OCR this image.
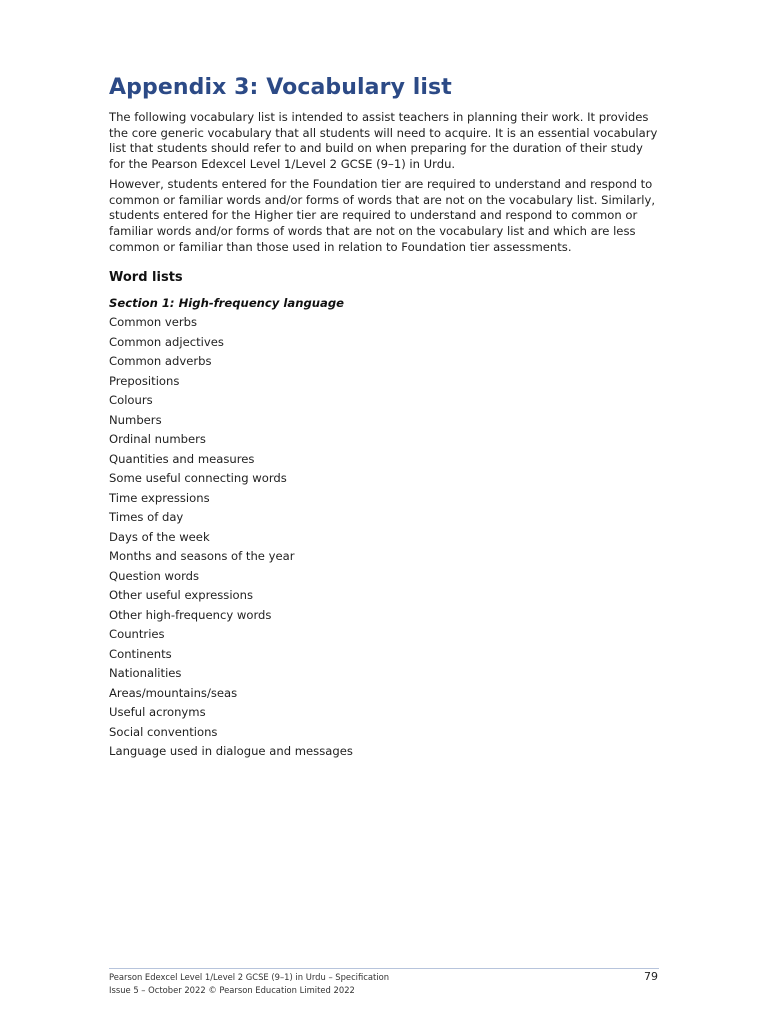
Appendix 3: Vocabulary list

The following vocabulary list is intended to assist teachers in planning their work. It provides the core generic vocabulary that all students will need to acquire. It is an essential vocabulary list that students should refer to and build on when preparing for the duration of their study for the Pearson Edexcel Level 1/Level 2 GCSE (9–1) in Urdu.

However, students entered for the Foundation tier are required to understand and respond to common or familiar words and/or forms of words that are not on the vocabulary list. Similarly, students entered for the Higher tier are required to understand and respond to common or familiar words and/or forms of words that are not on the vocabulary list and which are less common or familiar than those used in relation to Foundation tier assessments.

Word lists
Section 1: High-frequency language
Common verbs
Common adjectives
Common adverbs
Prepositions
Colours
Numbers
Ordinal numbers
Quantities and measures
Some useful connecting words
Time expressions
Times of day
Days of the week
Months and seasons of the year
Question words
Other useful expressions
Other high-frequency words
Countries
Continents
Nationalities
Areas/mountains/seas
Useful acronyms
Social conventions
Language used in dialogue and messages
Pearson Edexcel Level 1/Level 2 GCSE (9–1) in Urdu – Specification	79
Issue 5 – October 2022 © Pearson Education Limited 2022
